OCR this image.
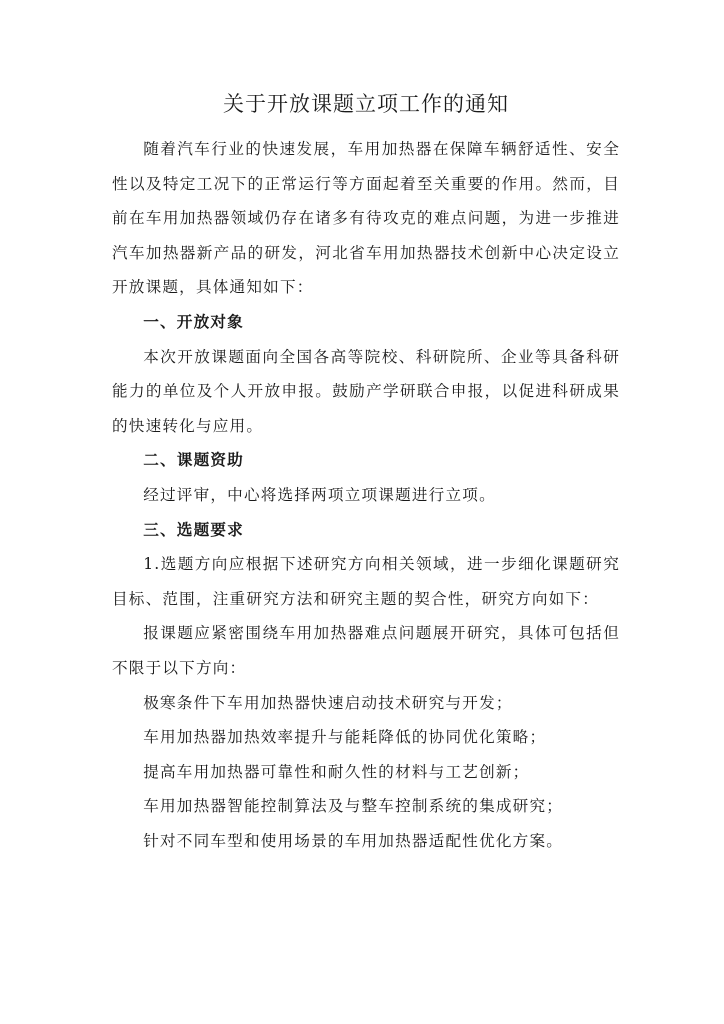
关于开放课题立项工作的通知

随着汽车行业的快速发展，车用加热器在保障车辆舒适性、安全性以及特定工况下的正常运行等方面起着至关重要的作用。然而，目前在车用加热器领域仍存在诸多有待攻克的难点问题，为进一步推进汽车加热器新产品的研发，河北省车用加热器技术创新中心决定设立开放课题，具体通知如下：

一、开放对象

本次开放课题面向全国各高等院校、科研院所、企业等具备科研能力的单位及个人开放申报。鼓励产学研联合申报，以促进科研成果的快速转化与应用。

二、课题资助

经过评审，中心将选择两项立项课题进行立项。

三、选题要求

1.选题方向应根据下述研究方向相关领域，进一步细化课题研究目标、范围，注重研究方法和研究主题的契合性，研究方向如下：

报课题应紧密围绕车用加热器难点问题展开研究，具体可包括但不限于以下方向：

极寒条件下车用加热器快速启动技术研究与开发；

车用加热器加热效率提升与能耗降低的协同优化策略；

提高车用加热器可靠性和耐久性的材料与工艺创新；

车用加热器智能控制算法及与整车控制系统的集成研究；

针对不同车型和使用场景的车用加热器适配性优化方案。
